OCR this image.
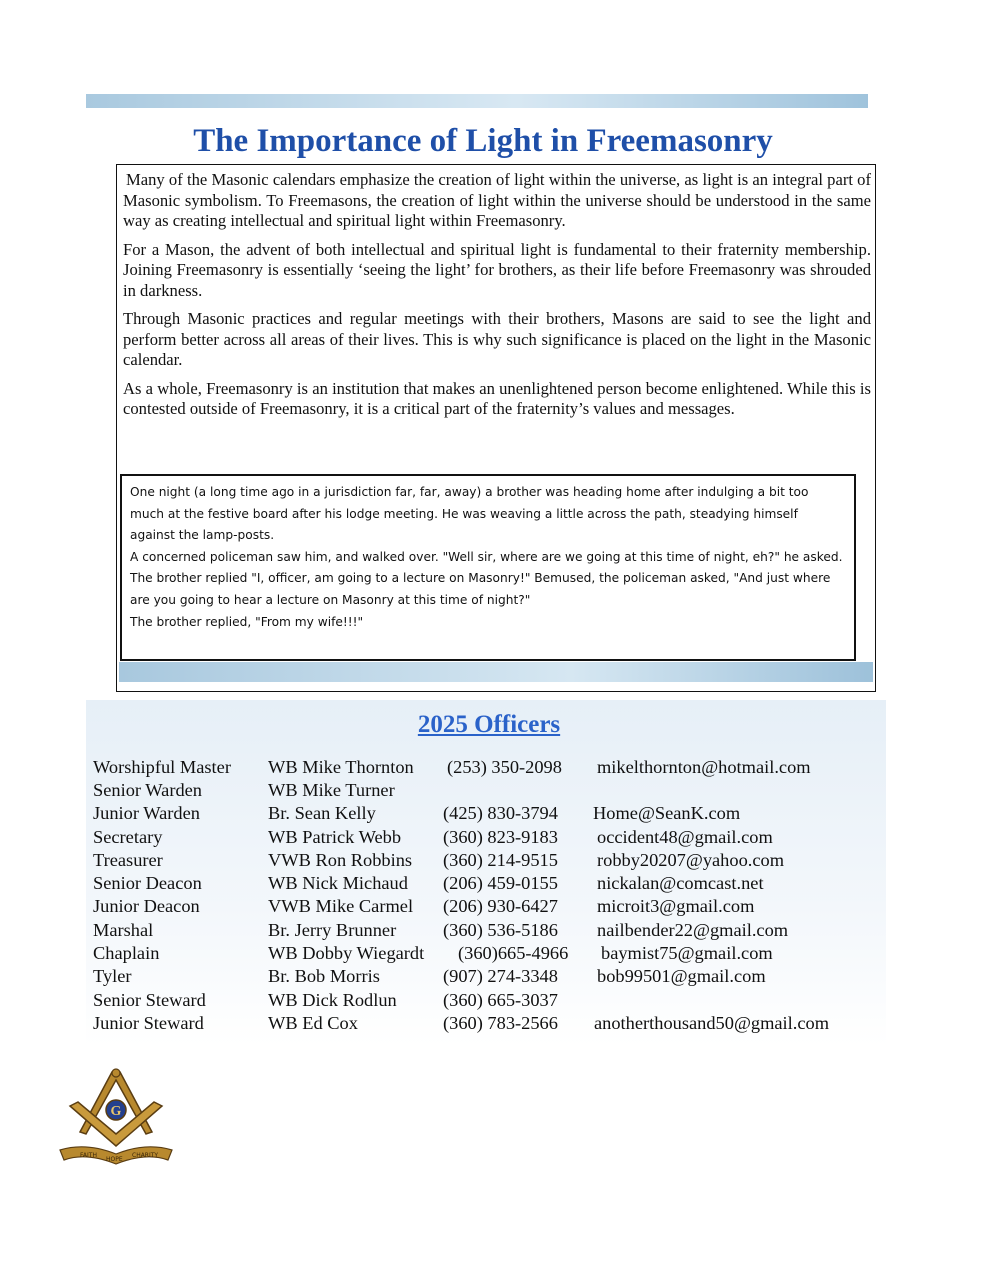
The Importance of Light in Freemasonry

Many of the Masonic calendars emphasize the creation of light within the universe, as light is an integral part of Masonic symbolism. To Freemasons, the creation of light within the universe should be understood in the same way as creating intellectual and spiritual light within Freemasonry.

For a Mason, the advent of both intellectual and spiritual light is fundamental to their fraternity membership. Joining Freemasonry is essentially ‘seeing the light’ for brothers, as their life before Freemasonry was shrouded in darkness.

Through Masonic practices and regular meetings with their brothers, Masons are said to see the light and perform better across all areas of their lives. This is why such significance is placed on the light in the Masonic calendar.

As a whole, Freemasonry is an institution that makes an unenlightened person become enlightened. While this is contested outside of Freemasonry, it is a critical part of the fraternity’s values and messages.

One night (a long time ago in a jurisdiction far, far, away) a brother was heading home after indulging a bit too much at the festive board after his lodge meeting. He was weaving a little across the path, steadying himself against the lamp-posts.
A concerned policeman saw him, and walked over. "Well sir, where are we going at this time of night, eh?" he asked.
The brother replied "I, officer, am going to a lecture on Masonry!" Bemused, the policeman asked, "And just where are you going to hear a lecture on Masonry at this time of night?"
The brother replied, "From my wife!!!"
2025 Officers
Worshipful Master WB Mike Thornton (253) 350-2098 mikelthornton@hotmail.com
Senior Warden	WB Mike Turner
Junior Warden	Br. Sean Kelly	(425) 830-3794 Home@SeanK.com
Secretary	WB Patrick Webb (360) 823-9183 occident48@gmail.com
Treasurer	VWB Ron Robbins (360) 214-9515 robby20207@yahoo.com
Senior Deacon	WB Nick Michaud (206) 459-0155 nickalan@comcast.net
Junior Deacon	VWB Mike Carmel (206) 930-6427 microit3@gmail.com
Marshal	Br. Jerry Brunner	(360) 536-5186 nailbender22@gmail.com
Chaplain	WB Dobby Wiegardt (360)665-4966 baymist75@gmail.com
Tyler	Br. Bob Morris	(907) 274-3348 bob99501@gmail.com
Senior Steward	WB Dick Rodlun	(360) 665-3037
Junior Steward	WB Ed Cox	(360) 783-2566 anotherthousand50@gmail.com
G
FAITH
HOPE
CHARITY
